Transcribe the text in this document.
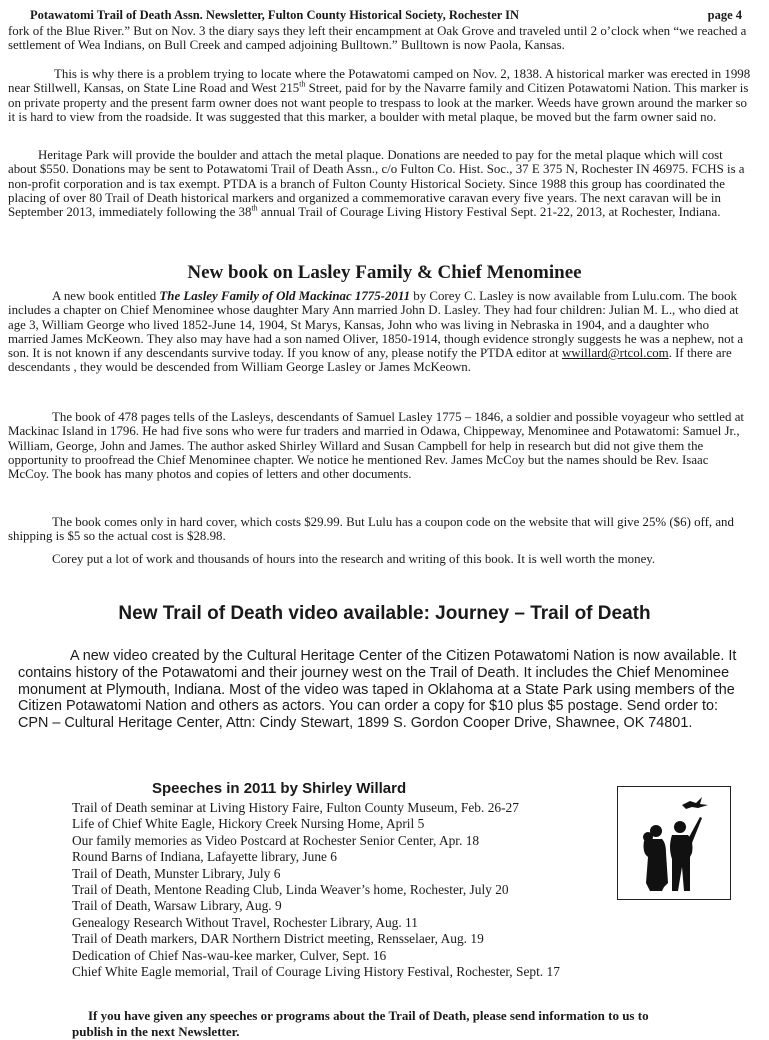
Potawatomi Trail of Death Assn. Newsletter, Fulton County Historical Society, Rochester IN	page 4

fork of the Blue River.” But on Nov. 3 the diary says they left their encampment at Oak Grove and traveled until 2 o’clock when “we reached a settlement of Wea Indians, on Bull Creek and camped adjoining Bulltown.” Bulltown is now Paola, Kansas.

This is why there is a problem trying to locate where the Potawatomi camped on Nov. 2, 1838. A historical marker was erected in 1998 near Stillwell, Kansas, on State Line Road and West 215th Street, paid for by the Navarre family and Citizen Potawatomi Nation. This marker is on private property and the present farm owner does not want people to trespass to look at the marker. Weeds have grown around the marker so it is hard to view from the roadside. It was suggested that this marker, a boulder with metal plaque, be moved but the farm owner said no.

Heritage Park will provide the boulder and attach the metal plaque. Donations are needed to pay for the metal plaque which will cost about $550. Donations may be sent to Potawatomi Trail of Death Assn., c/o Fulton Co. Hist. Soc., 37 E 375 N, Rochester IN 46975. FCHS is a non-profit corporation and is tax exempt. PTDA is a branch of Fulton County Historical Society. Since 1988 this group has coordinated the placing of over 80 Trail of Death historical markers and organized a commemorative caravan every five years. The next caravan will be in September 2013, immediately following the 38th annual Trail of Courage Living History Festival Sept. 21-22, 2013, at Rochester, Indiana.

New book on Lasley Family & Chief Menominee

A new book entitled The Lasley Family of Old Mackinac 1775-2011 by Corey C. Lasley is now available from Lulu.com. The book includes a chapter on Chief Menominee whose daughter Mary Ann married John D. Lasley. They had four children: Julian M. L., who died at age 3, William George who lived 1852-June 14, 1904, St Marys, Kansas, John who was living in Nebraska in 1904, and a daughter who married James McKeown. They also may have had a son named Oliver, 1850-1914, though evidence strongly suggests he was a nephew, not a son. It is not known if any descendants survive today. If you know of any, please notify the PTDA editor at wwillard@rtcol.com. If there are descendants , they would be descended from William George Lasley or James McKeown.

The book of 478 pages tells of the Lasleys, descendants of Samuel Lasley 1775 – 1846, a soldier and possible voyageur who settled at Mackinac Island in 1796. He had five sons who were fur traders and married in Odawa, Chippeway, Menominee and Potawatomi: Samuel Jr., William, George, John and James. The author asked Shirley Willard and Susan Campbell for help in research but did not give them the opportunity to proofread the Chief Menominee chapter. We notice he mentioned Rev. James McCoy but the names should be Rev. Isaac McCoy. The book has many photos and copies of letters and other documents.

The book comes only in hard cover, which costs $29.99. But Lulu has a coupon code on the website that will give 25% ($6) off, and shipping is $5 so the actual cost is $28.98.

Corey put a lot of work and thousands of hours into the research and writing of this book. It is well worth the money.

New Trail of Death video available: Journey – Trail of Death

A new video created by the Cultural Heritage Center of the Citizen Potawatomi Nation is now available. It contains history of the Potawatomi and their journey west on the Trail of Death. It includes the Chief Menominee monument at Plymouth, Indiana. Most of the video was taped in Oklahoma at a State Park using members of the Citizen Potawatomi Nation and others as actors. You can order a copy for $10 plus $5 postage. Send order to: CPN – Cultural Heritage Center, Attn: Cindy Stewart, 1899 S. Gordon Cooper Drive, Shawnee, OK 74801.

Speeches in 2011 by Shirley Willard
Trail of Death seminar at Living History Faire, Fulton County Museum, Feb. 26-27
Life of Chief White Eagle, Hickory Creek Nursing Home, April 5
Our family memories as Video Postcard at Rochester Senior Center, Apr. 18
Round Barns of Indiana, Lafayette library, June 6
Trail of Death, Munster Library, July 6
Trail of Death, Mentone Reading Club, Linda Weaver’s home, Rochester, July 20
Trail of Death, Warsaw Library, Aug. 9
Genealogy Research Without Travel, Rochester Library, Aug. 11
Trail of Death markers, DAR Northern District meeting, Rensselaer, Aug. 19
Dedication of Chief Nas-wau-kee marker, Culver, Sept. 16
Chief White Eagle memorial, Trail of Courage Living History Festival, Rochester, Sept. 17

If you have given any speeches or programs about the Trail of Death, please send information to us to publish in the next Newsletter.
